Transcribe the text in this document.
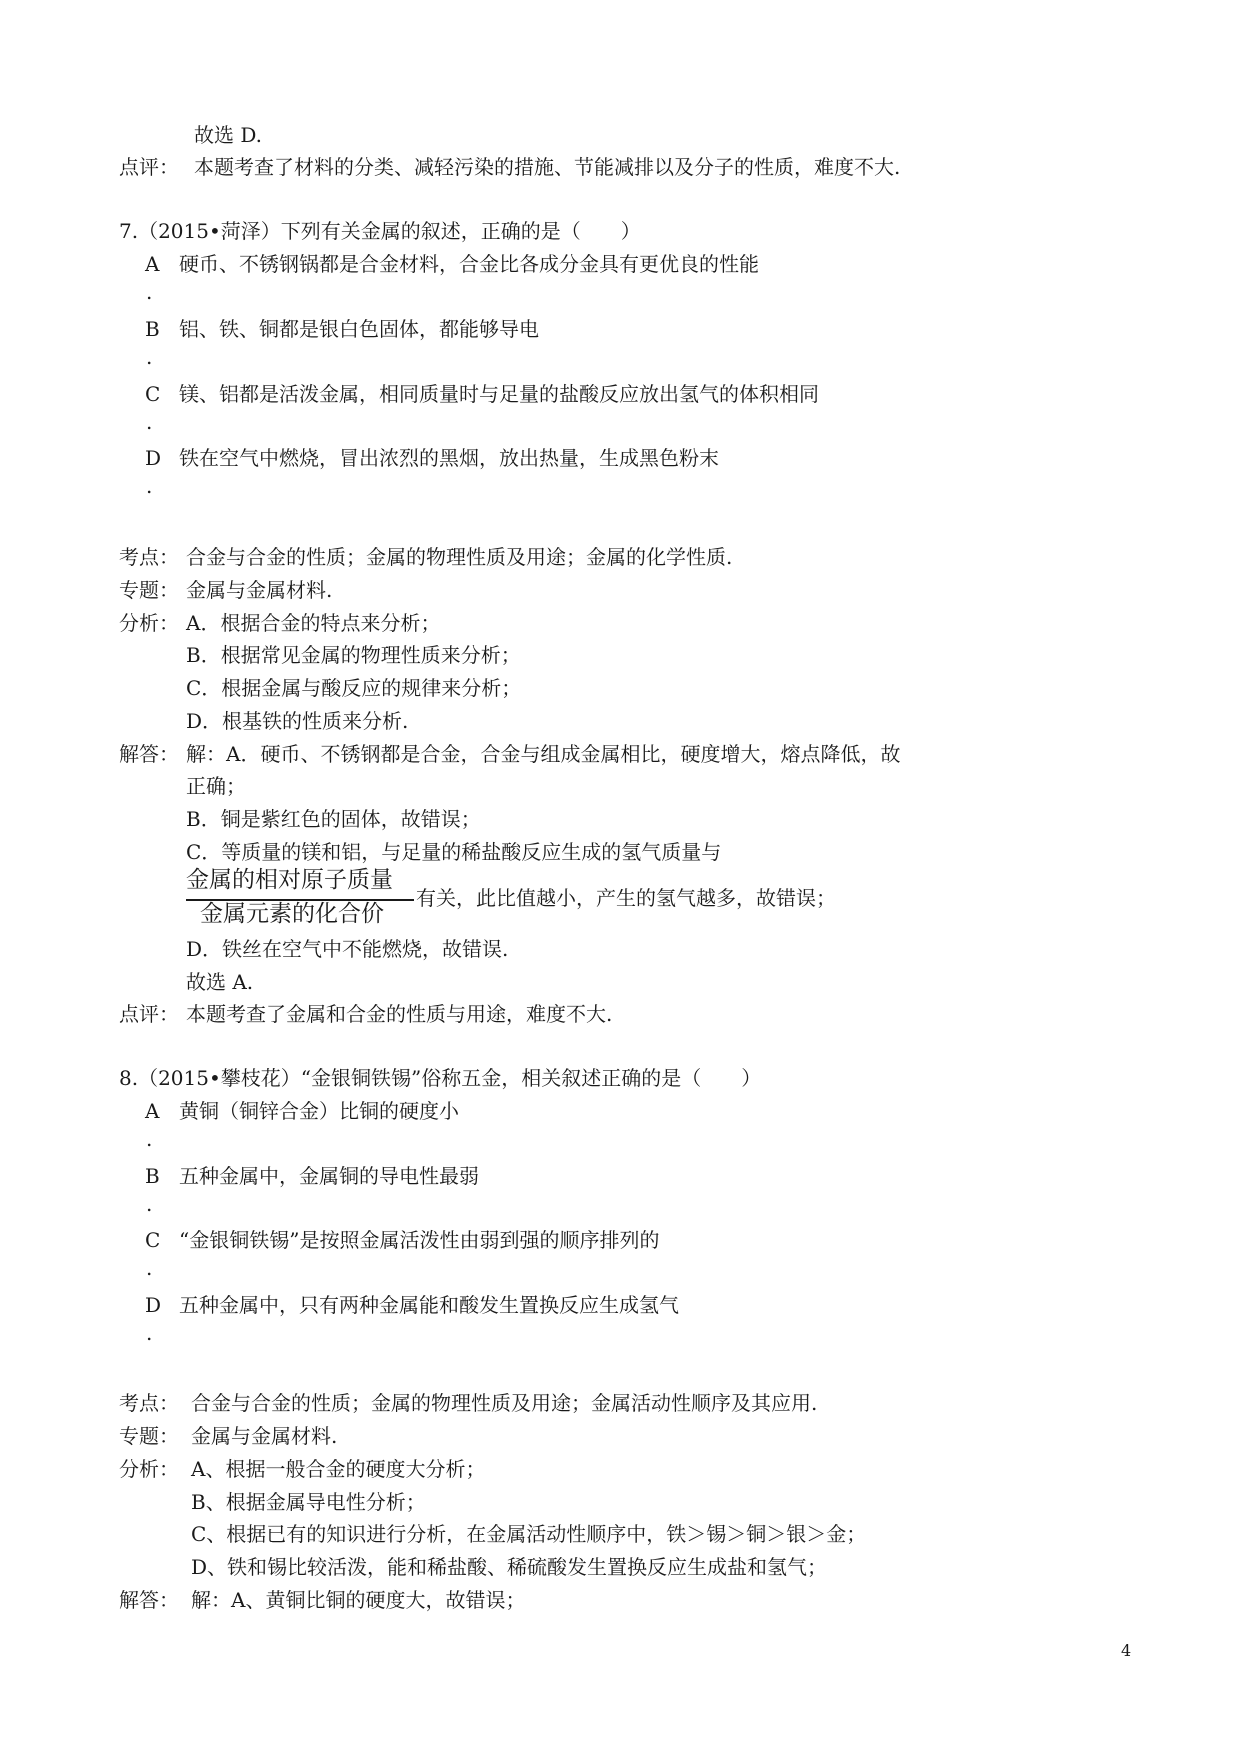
故选 D.
点评： 本题考查了材料的分类、减轻污染的措施、节能减排以及分子的性质，难度不大.
7.（2015•菏泽）下列有关金属的叙述，正确的是（　　）
A 硬币、不锈钢锅都是合金材料，合金比各成分金具有更优良的性能
.
B 铝、铁、铜都是银白色固体，都能够导电
.
C 镁、铝都是活泼金属，相同质量时与足量的盐酸反应放出氢气的体积相同
.
D 铁在空气中燃烧，冒出浓烈的黑烟，放出热量，生成黑色粉末
.
考点： 合金与合金的性质；金属的物理性质及用途；金属的化学性质.
专题： 金属与金属材料.
分析： A．根据合金的特点来分析；
B．根据常见金属的物理性质来分析；
C．根据金属与酸反应的规律来分析；
D．根基铁的性质来分析.
解答： 解：A．硬币、不锈钢都是合金，合金与组成金属相比，硬度增大，熔点降低，故
正确；
B．铜是紫红色的固体，故错误；
C．等质量的镁和铝，与足量的稀盐酸反应生成的氢气质量与
金属的相对原子质量
金属元素的化合价
有关，此比值越小，产生的氢气越多，故错误；
D．铁丝在空气中不能燃烧，故错误.
故选 A.
点评： 本题考查了金属和合金的性质与用途，难度不大.
8.（2015•攀枝花）“金银铜铁锡”俗称五金，相关叙述正确的是（　　）
A 黄铜（铜锌合金）比铜的硬度小
.
B 五种金属中，金属铜的导电性最弱
.
C “金银铜铁锡”是按照金属活泼性由弱到强的顺序排列的
.
D 五种金属中，只有两种金属能和酸发生置换反应生成氢气
.
考点： 合金与合金的性质；金属的物理性质及用途；金属活动性顺序及其应用.
专题： 金属与金属材料.
分析： A、根据一般合金的硬度大分析；
B、根据金属导电性分析；
C、根据已有的知识进行分析，在金属活动性顺序中，铁＞锡＞铜＞银＞金；
D、铁和锡比较活泼，能和稀盐酸、稀硫酸发生置换反应生成盐和氢气；
解答： 解：A、黄铜比铜的硬度大，故错误；
4
